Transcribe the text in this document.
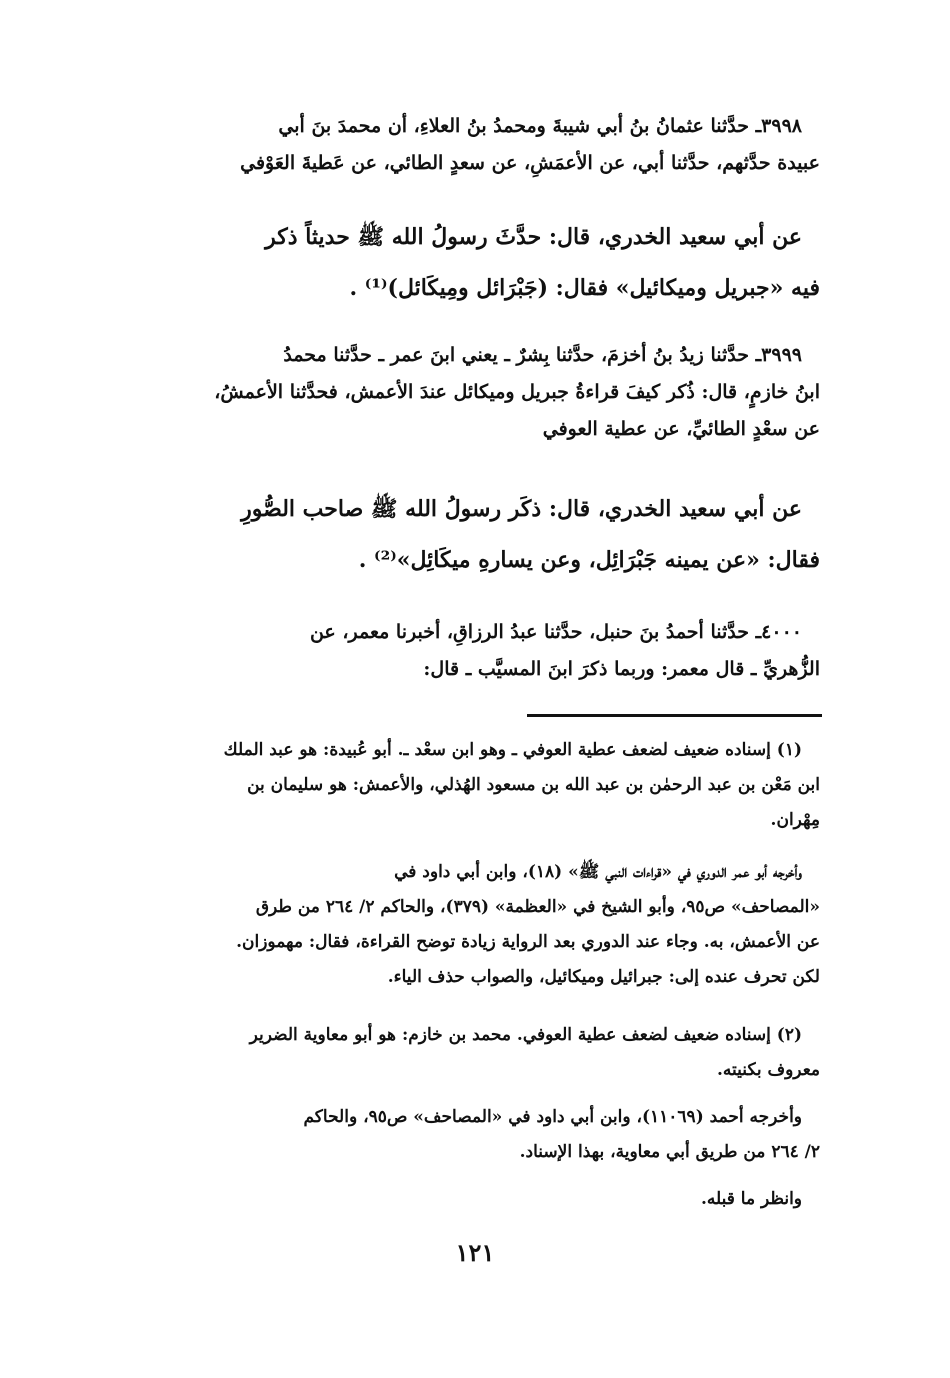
٣٩٩٨ـ حدَّثنا عثمانُ بنُ أبي شيبةَ ومحمدُ بنُ العلاءِ، أن محمدَ بنَ أبي
عبيدة حدَّثهم، حدَّثنا أبي، عن الأعمَشِ، عن سعدٍ الطائي، عن عَطيةَ العَوْفي
عن أبي سعيد الخدري، قال: حدَّثَ رسولُ الله ﷺ حديثاً ذكر
فيه «جبريل وميكائيل» فقال: (جَبْرَائل ومِيكَائل)⁽¹⁾ .
٣٩٩٩ـ حدَّثنا زيدُ بنُ أخزمَ، حدَّثنا بِشرٌ ـ يعني ابنَ عمر ـ حدَّثنا محمدُ
ابنُ خازمٍ، قال: ذُكر كيفَ قراءةُ جبريل وميكائل عندَ الأعمش، فحدَّثنا الأعمشُ،
عن سعْدٍ الطائيِّ، عن عطية العوفي
عن أبي سعيد الخدري، قال: ذكَر رسولُ الله ﷺ صاحب الصُّورِ
فقال: «عن يمينه جَبْرَائِل، وعن يسارهِ ميكَائِل»⁽²⁾ .
٤٠٠٠ـ حدَّثنا أحمدُ بنَ حنبل، حدَّثنا عبدُ الرزاقِ، أخبرنا معمر، عن
الزُّهريِّ ـ قال معمر: وربما ذكرَ ابنَ المسيَّب ـ قال:
(١) إسناده ضعيف لضعف عطية العوفي ـ وهو ابن سعْد ـ. أبو عُبيدة: هو عبد الملك
ابن مَعْن بن عبد الرحمٰن بن عبد الله بن مسعود الهُذلي، والأعمش: هو سليمان بن
مِهْران.
وأخرجه أبو عمر الدوري في «قراءات النبي ﷺ» (١٨)، وابن أبي داود في
«المصاحف» ص٩٥، وأبو الشيخ في «العظمة» (٣٧٩)، والحاكم ٢/ ٢٦٤ من طرق
عن الأعمش، به. وجاء عند الدوري بعد الرواية زيادة توضح القراءة، فقال: مهموزان.
لكن تحرف عنده إلى: جبرائيل وميكائيل، والصواب حذف الياء.
(٢) إسناده ضعيف لضعف عطية العوفي. محمد بن خازم: هو أبو معاوية الضرير
معروف بكنيته.
وأخرجه أحمد (١١٠٦٩)، وابن أبي داود في «المصاحف» ص٩٥، والحاكم
٢/ ٢٦٤ من طريق أبي معاوية، بهذا الإسناد.
وانظر ما قبله.
١٢١
